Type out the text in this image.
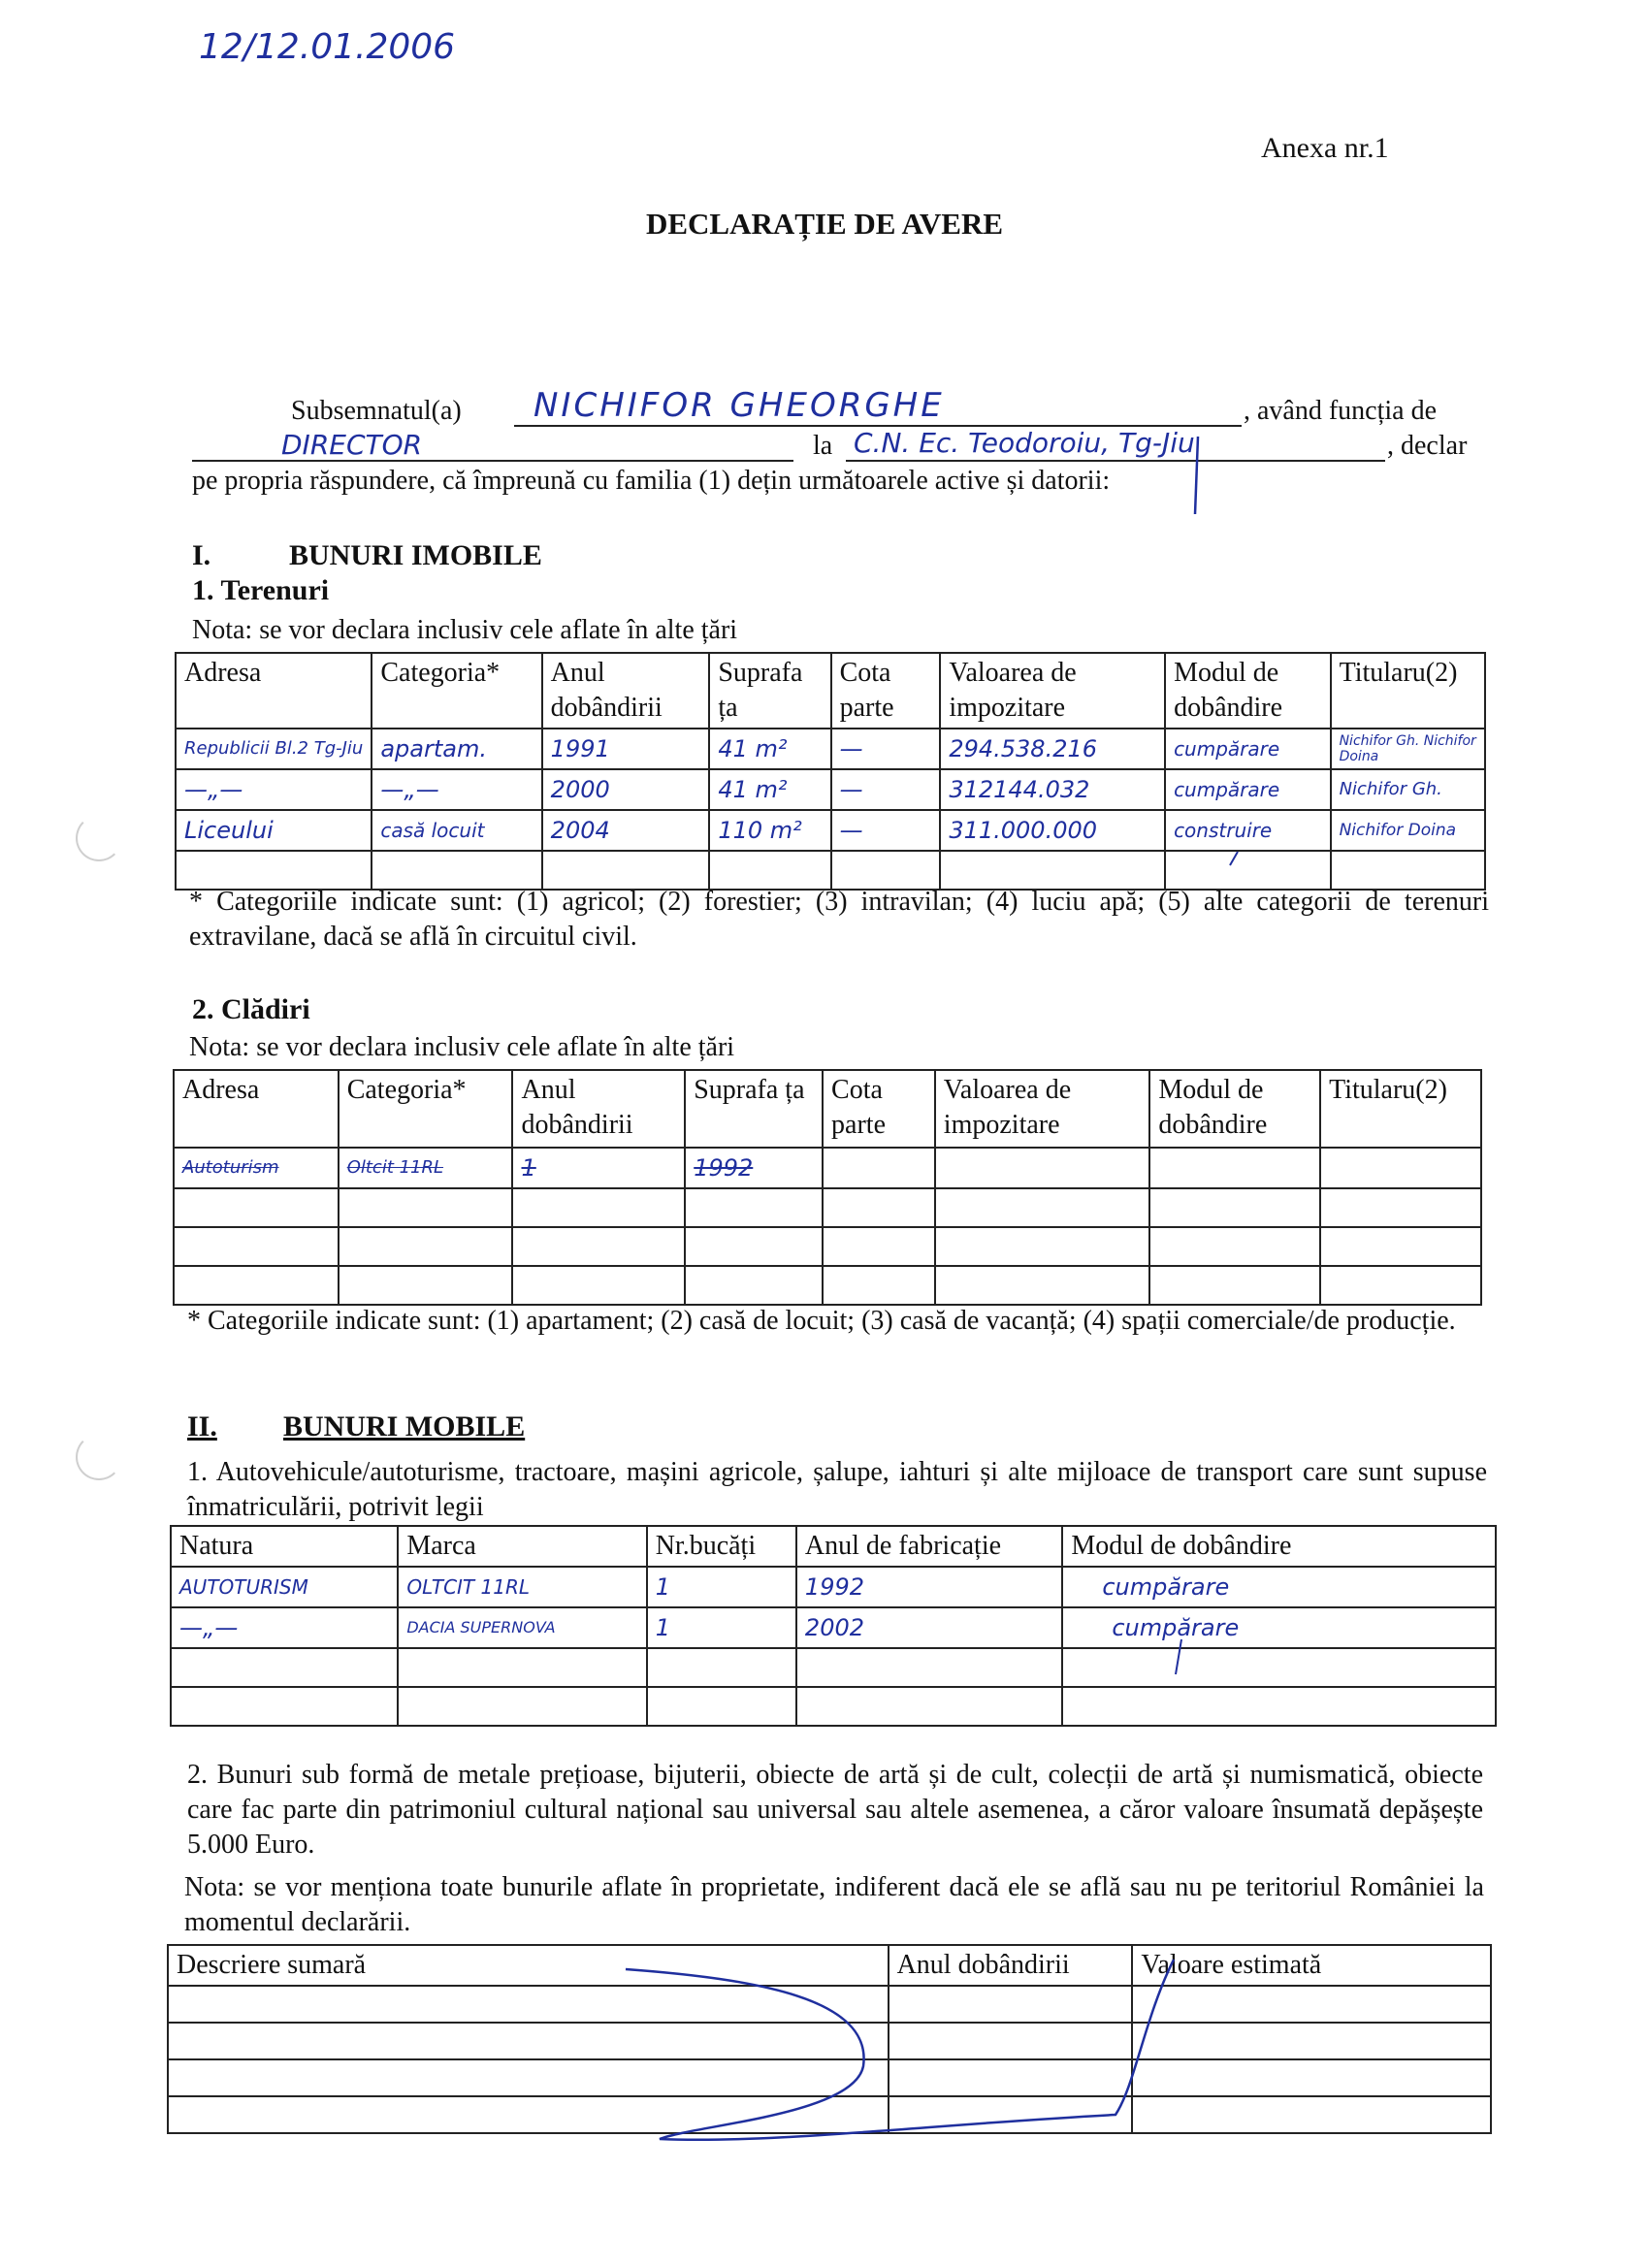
12/12.01.2006
Anexa nr.1
DECLARAȚIE DE AVERE
Subsemnatul(a) NICHIFOR GHEORGHE	, având funcția de
DIRECTOR	la C.N. Ec. Teodoroiu, Tg-Jiu	, declar
pe propria răspundere, că împreună cu familia (1) dețin următoarele active și datorii:
I.	BUNURI IMOBILE
1. Terenuri
Nota: se vor declara inclusiv cele aflate în alte țări
Adresa	Categoria*	Anul dobândirii	Suprafa ța	Cota parte	Valoarea de impozitare	Modul de dobândire	Titularu(2)
Republicii Bl.2 Tg-Jiu	apartam.	1991	41 m²	—	294.538.216	cumpărare	Nichifor Gh. Nichifor Doina
—„—	—„—	2000	41 m²	—	312144.032	cumpărare	Nichifor Gh.
Liceului	casă locuit	2004	110 m²	—	311.000.000	construire	Nichifor Doina

* Categoriile indicate sunt: (1) agricol; (2) forestier; (3) intravilan; (4) luciu apă; (5) alte categorii de terenuri extravilane, dacă se află în circuitul civil.
2. Clădiri
Nota: se vor declara inclusiv cele aflate în alte țări
Adresa	Categoria*	Anul dobândirii	Suprafa ța	Cota parte	Valoarea de impozitare	Modul de dobândire	Titularu(2)
Autoturism	Oltcit 11RL	1	1992				

* Categoriile indicate sunt: (1) apartament; (2) casă de locuit; (3) casă de vacanță; (4) spații comerciale/de producție.
II. BUNURI MOBILE
1. Autovehicule/autoturisme, tractoare, mașini agricole, șalupe, iahturi și alte mijloace de transport care sunt supuse înmatriculării, potrivit legii
Natura	Marca	Nr.bucăți	Anul de fabricație	Modul de dobândire
AUTOTURISM	OLTCIT 11RL	1	1992	cumpărare
—„—	DACIA SUPERNOVA	1	2002	cumpărare

2. Bunuri sub formă de metale prețioase, bijuterii, obiecte de artă și de cult, colecții de artă și numismatică, obiecte care fac parte din patrimoniul cultural național sau universal sau altele asemenea, a căror valoare însumată depășește 5.000 Euro.
Nota: se vor menționa toate bunurile aflate în proprietate, indiferent dacă ele se află sau nu pe teritoriul României la momentul declarării.
Descriere sumară	Anul dobândirii	Valoare estimată
